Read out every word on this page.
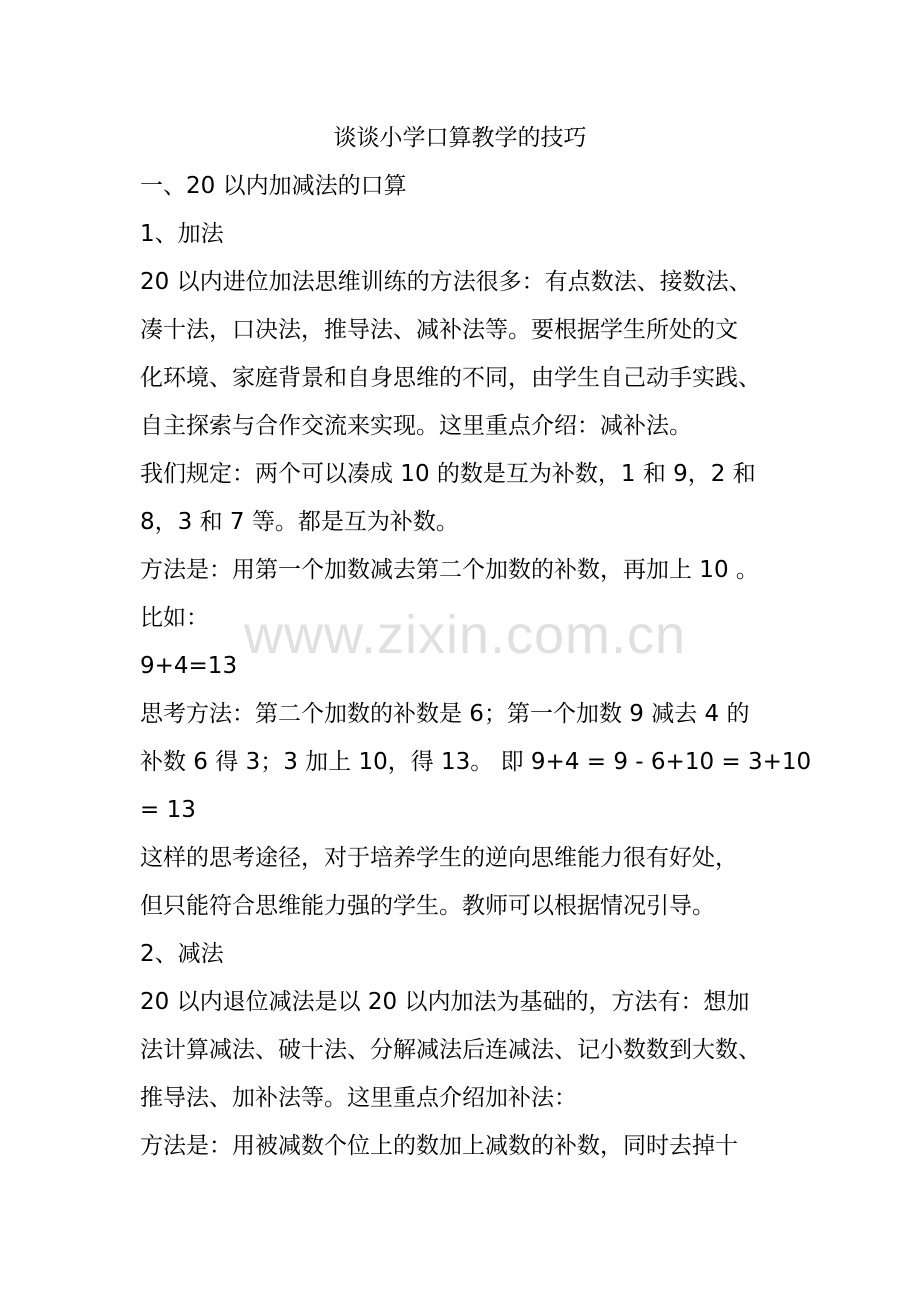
谈谈小学口算教学的技巧
一、20 以内加减法的口算
1、加法
20 以内进位加法思维训练的方法很多：有点数法、接数法、
凑十法，口决法，推导法、减补法等。要根据学生所处的文
化环境、家庭背景和自身思维的不同，由学生自己动手实践、
自主探索与合作交流来实现。这里重点介绍：减补法。
我们规定：两个可以凑成 10 的数是互为补数，1 和 9，2 和
8，3 和 7 等。都是互为补数。
方法是：用第一个加数减去第二个加数的补数，再加上 10 。
比如：
9+4=13
思考方法：第二个加数的补数是 6；第一个加数 9 减去 4 的
补数 6 得 3；3 加上 10，得 13。 即 9+4 = 9 - 6+10 = 3+10
= 13
这样的思考途径，对于培养学生的逆向思维能力很有好处，
但只能符合思维能力强的学生。教师可以根据情况引导。
2、减法
20 以内退位减法是以 20 以内加法为基础的，方法有：想加
法计算减法、破十法、分解减法后连减法、记小数数到大数、
推导法、加补法等。这里重点介绍加补法：
方法是：用被减数个位上的数加上减数的补数，同时去掉十
www.zixin.com.cn
